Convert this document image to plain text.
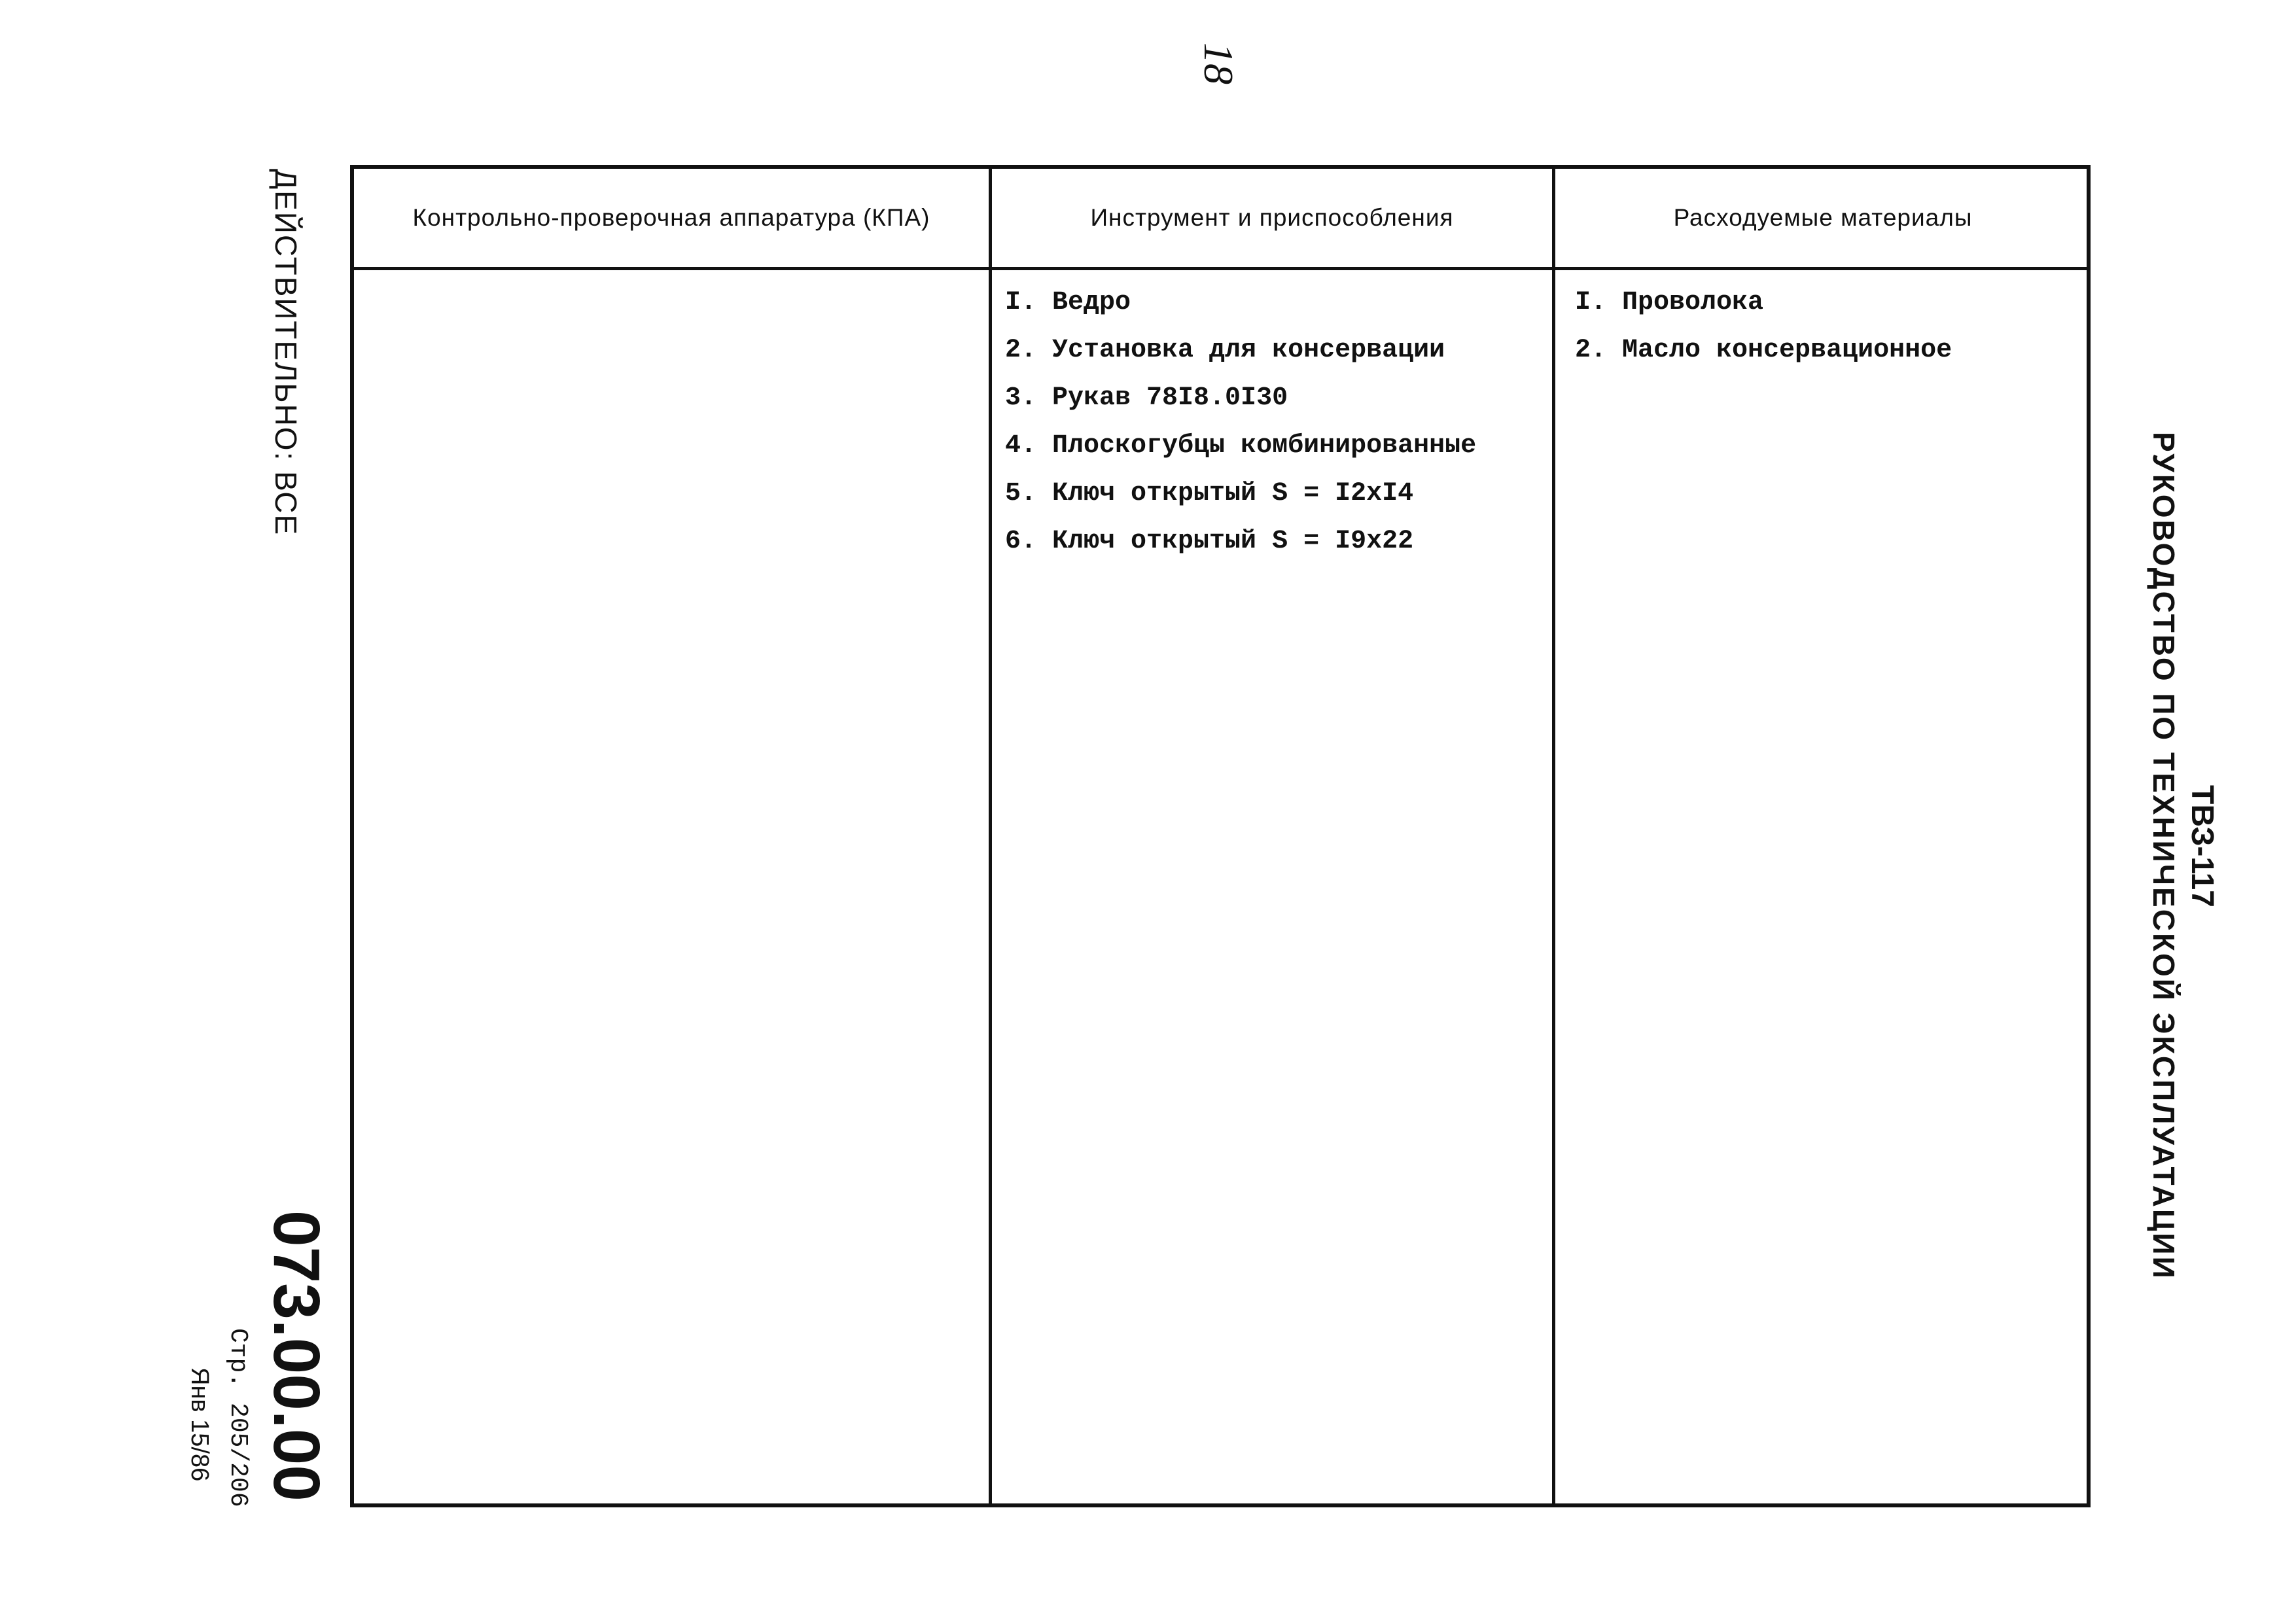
18
ДЕЙСТВИТЕЛЬНО: ВСЕ
073.00.00
Стр. 205/206
Янв 15/86
ТВЗ-117
РУКОВОДСТВО ПО ТЕХНИЧЕСКОЙ ЭКСПЛУАТАЦИИ
Контрольно-проверочная аппаратура (КПА)	Инструмент и приспособления	Расходуемые материалы
I. Ведро
2. Установка для консервации
3. Рукав 78I8.0I30
4. Плоскогубцы комбинированные
5. Ключ открытый S = I2xI4
6. Ключ открытый S = I9x22
I. Проволока
2. Масло консервационное
